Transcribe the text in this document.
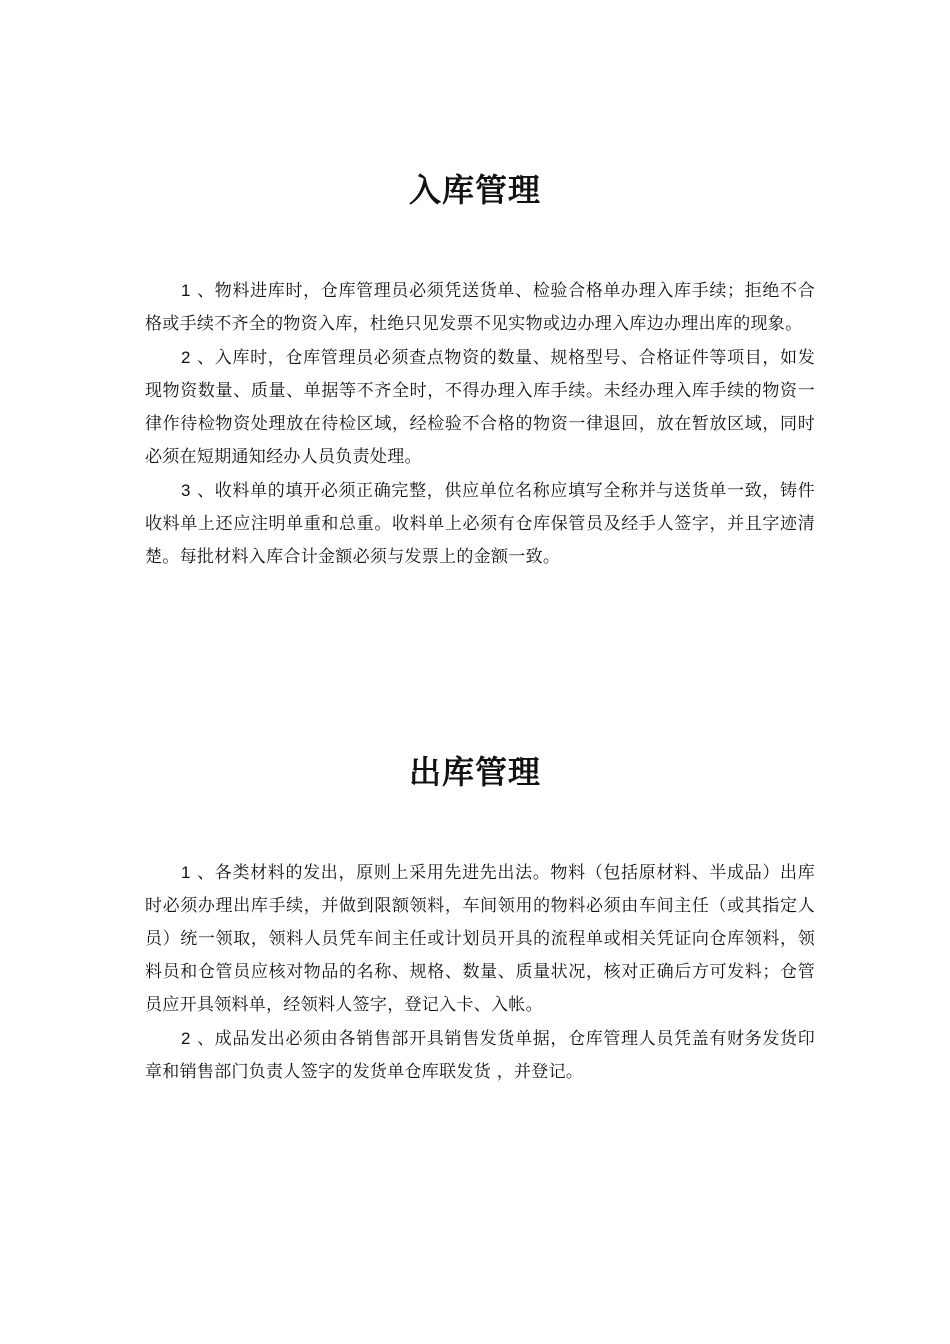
入库管理

1 、物料进库时，仓库管理员必须凭送货单、检验合格单办理入库手续；拒绝不合格或手续不齐全的物资入库，杜绝只见发票不见实物或边办理入库边办理出库的现象。

2 、入库时，仓库管理员必须查点物资的数量、规格型号、合格证件等项目，如发现物资数量、质量、单据等不齐全时，不得办理入库手续。未经办理入库手续的物资一律作待检物资处理放在待检区域，经检验不合格的物资一律退回，放在暂放区域，同时必须在短期通知经办人员负责处理。

3 、收料单的填开必须正确完整，供应单位名称应填写全称并与送货单一致，铸件收料单上还应注明单重和总重。收料单上必须有仓库保管员及经手人签字，并且字迹清楚。每批材料入库合计金额必须与发票上的金额一致。

出库管理

1 、各类材料的发出，原则上采用先进先出法。物料（包括原材料、半成品）出库时必须办理出库手续，并做到限额领料，车间领用的物料必须由车间主任（或其指定人员）统一领取，领料人员凭车间主任或计划员开具的流程单或相关凭证向仓库领料，领料员和仓管员应核对物品的名称、规格、数量、质量状况，核对正确后方可发料；仓管员应开具领料单，经领料人签字，登记入卡、入帐。

2 、成品发出必须由各销售部开具销售发货单据，仓库管理人员凭盖有财务发货印章和销售部门负责人签字的发货单仓库联发货 ，并登记。
